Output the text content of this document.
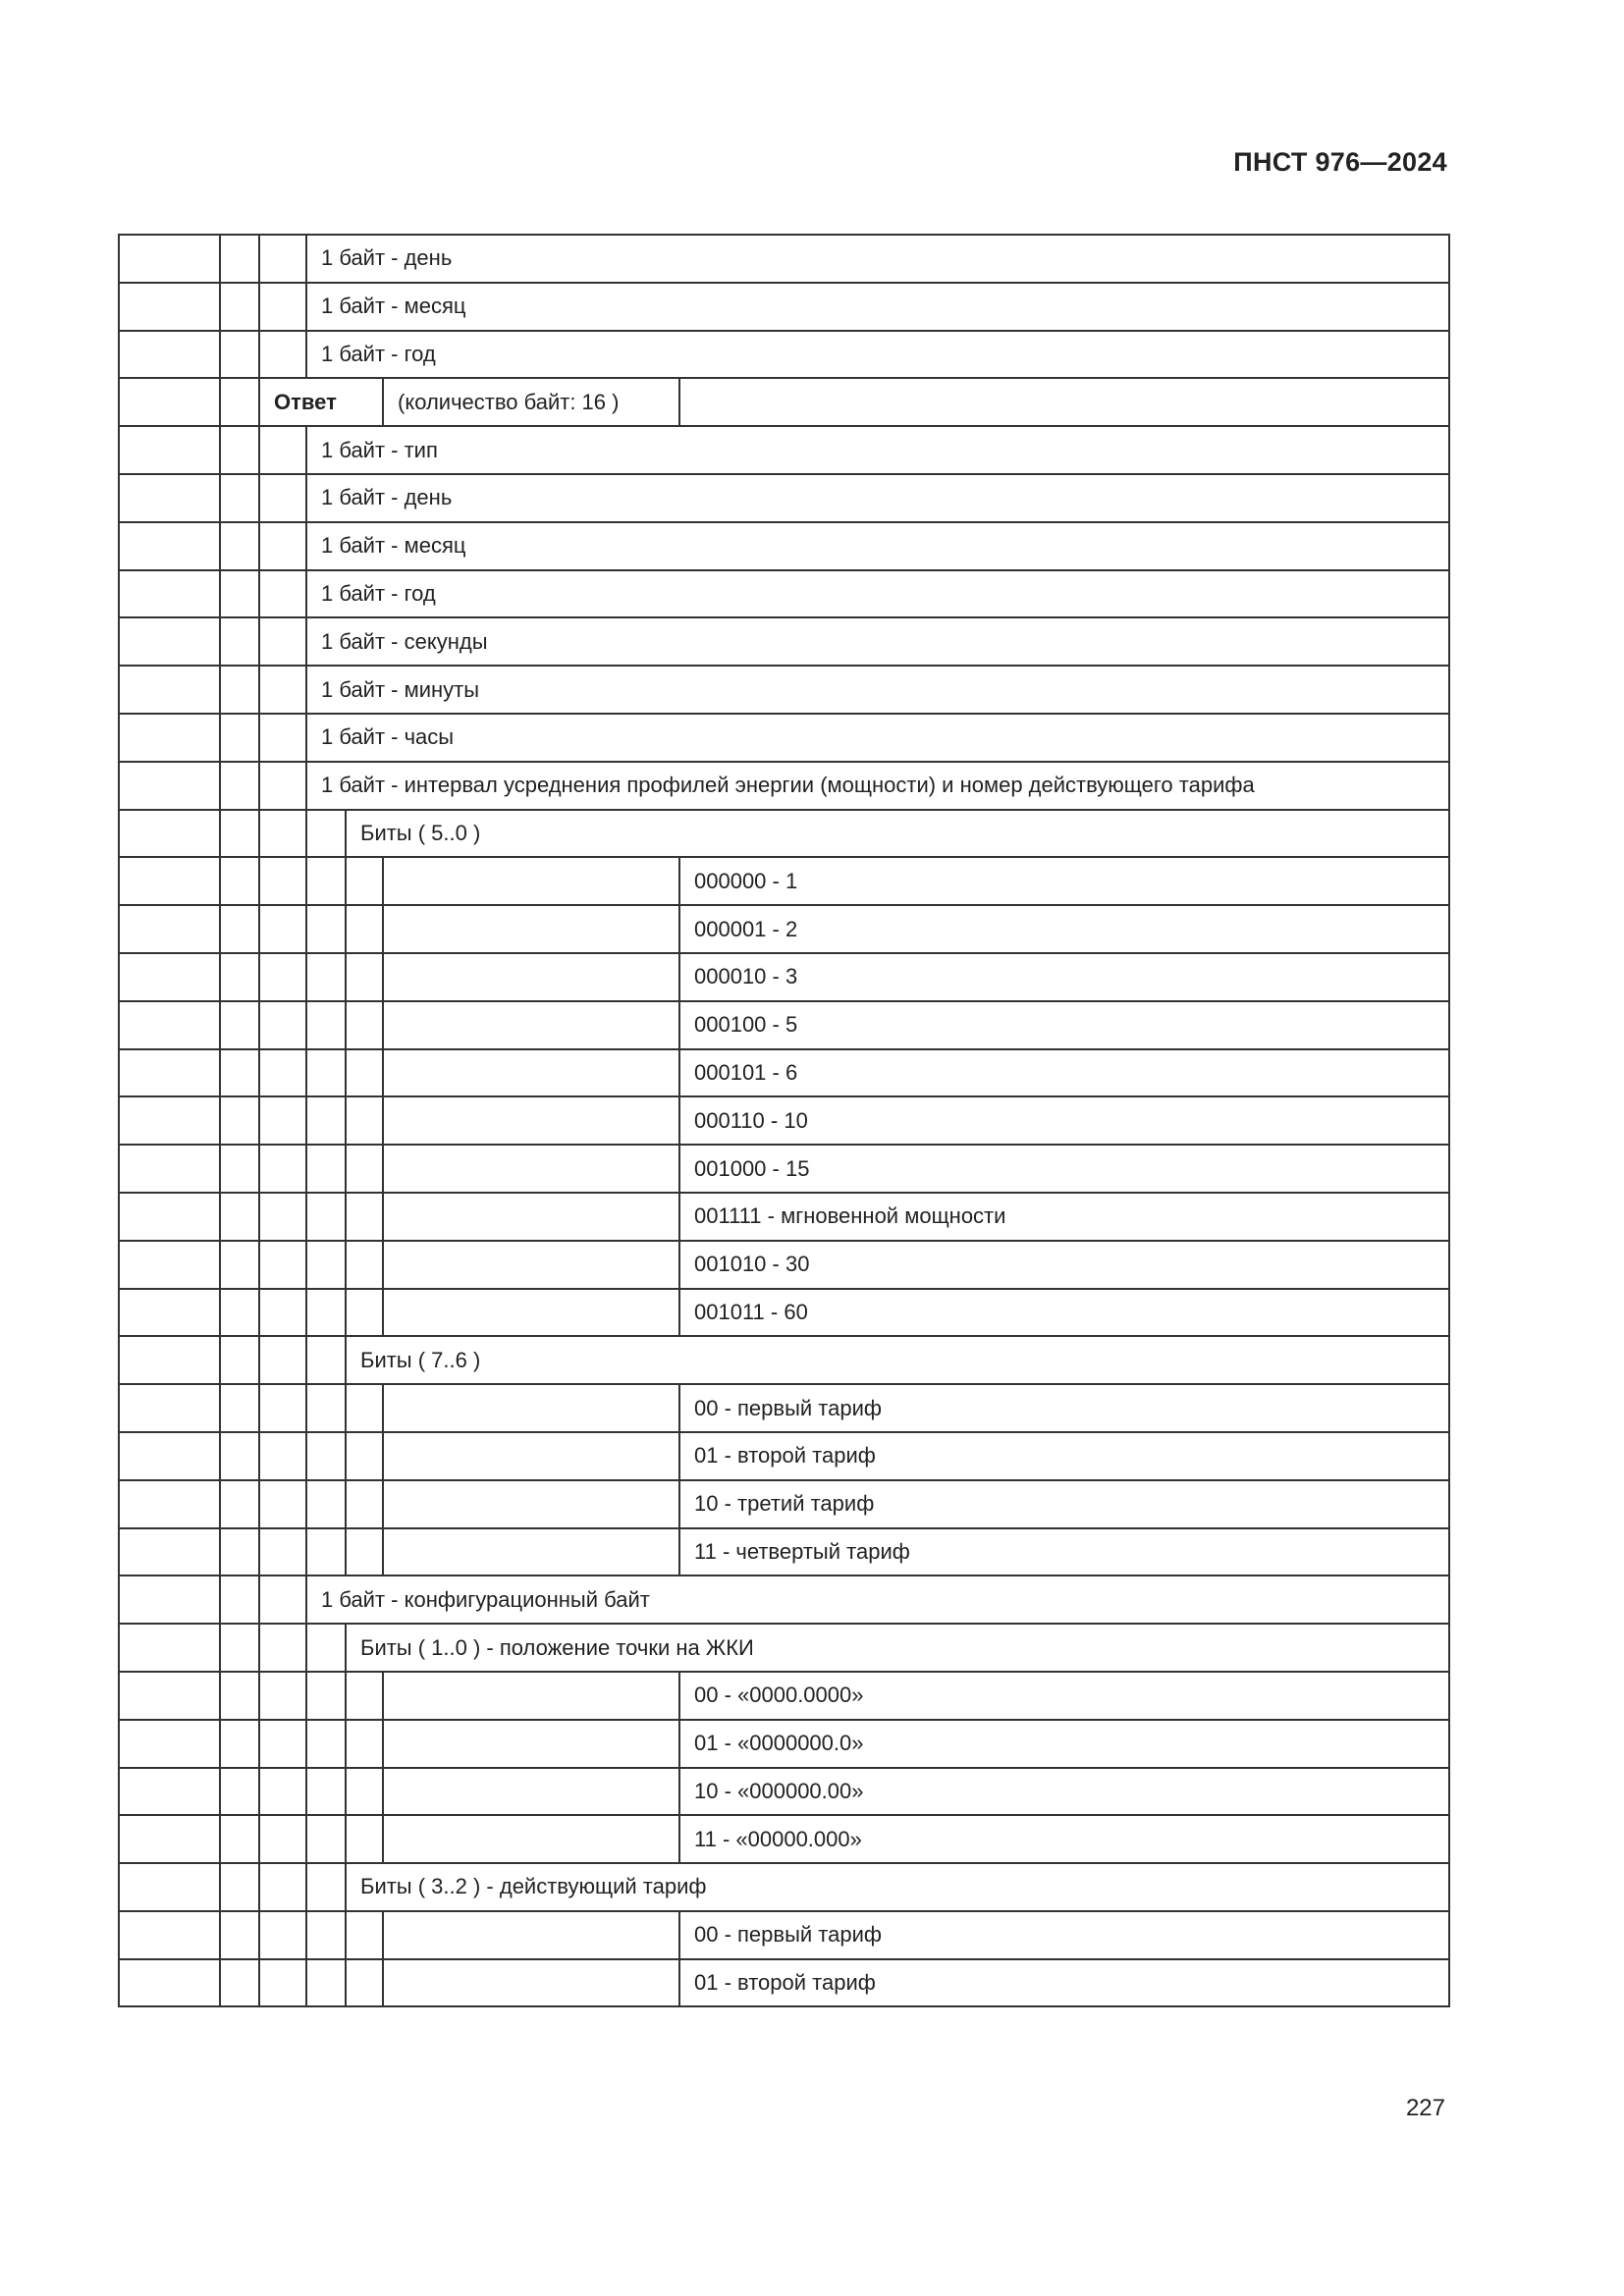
ПНСТ 976—2024
			1 байт - день			
			1 байт - месяц			
			1 байт - год			
		Ответ			(количество байт: 16 )	
			1 байт - тип			
			1 байт - день			
			1 байт - месяц			
			1 байт - год			
			1 байт - секунды			
			1 байт - минуты			
			1 байт - часы			
			1 байт - интервал усреднения профилей энергии (мощности) и номер действующего тарифа			
				Биты ( 5..0 )		
						000000 - 1
						000001 - 2
						000010 - 3
						000100 - 5
						000101 - 6
						000110 - 10
						001000 - 15
						001111 - мгновенной мощности
						001010 - 30
						001011 - 60
				Биты ( 7..6 )		
						00 - первый тариф
						01 - второй тариф
						10 - третий тариф
						11 - четвертый тариф
			1 байт - конфигурационный байт			
				Биты ( 1..0 ) - положение точки на ЖКИ		
						00 - «0000.0000»
						01 - «0000000.0»
						10 - «000000.00»
						11 - «00000.000»
				Биты ( 3..2 ) - действующий тариф		
						00 - первый тариф
						01 - второй тариф
227
